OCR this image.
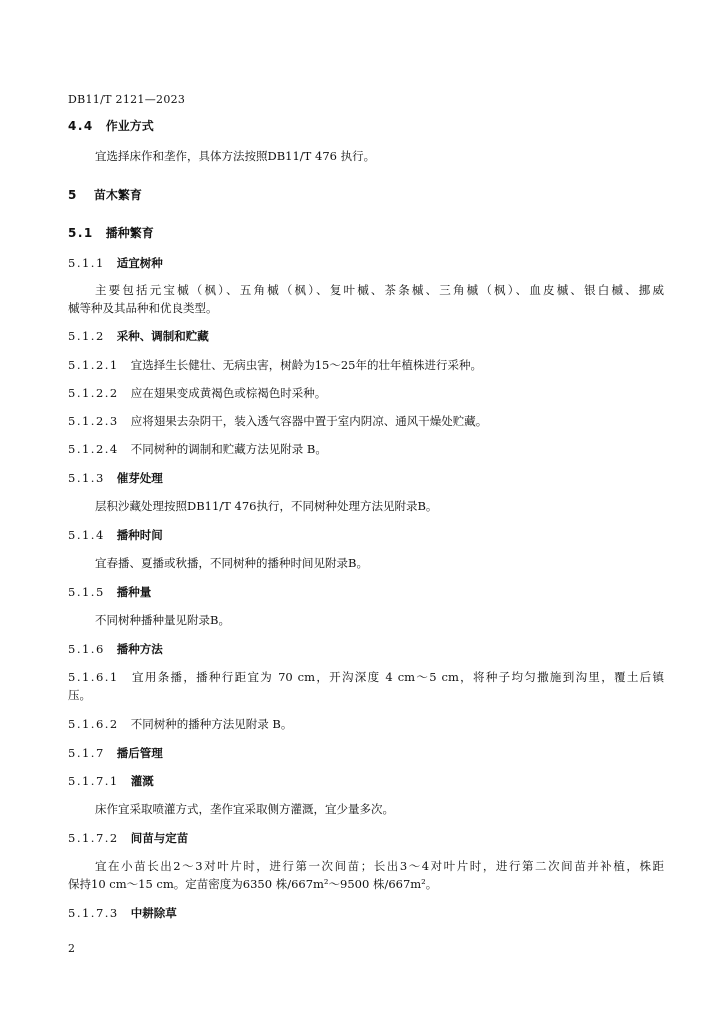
DB11/T 2121—2023
4.4 作业方式
宜选择床作和垄作，具体方法按照DB11/T 476 执行。
5 苗木繁育
5.1 播种繁育
5.1.1 适宜树种
主要包括元宝槭（枫）、五角槭（枫）、复叶槭、茶条槭、三角槭（枫）、血皮槭、银白槭、挪威
槭等种及其品种和优良类型。
5.1.2 采种、调制和贮藏
5.1.2.1 宜选择生长健壮、无病虫害，树龄为15～25年的壮年植株进行采种。
5.1.2.2 应在翅果变成黄褐色或棕褐色时采种。
5.1.2.3 应将翅果去杂阴干，装入透气容器中置于室内阴凉、通风干燥处贮藏。
5.1.2.4 不同树种的调制和贮藏方法见附录 B。
5.1.3 催芽处理
层积沙藏处理按照DB11/T 476执行，不同树种处理方法见附录B。
5.1.4 播种时间
宜春播、夏播或秋播，不同树种的播种时间见附录B。
5.1.5 播种量
不同树种播种量见附录B。
5.1.6 播种方法
5.1.6.1 宜用条播，播种行距宜为 70 cm，开沟深度 4 cm～5 cm，将种子均匀撒施到沟里，覆土后镇
压。
5.1.6.2 不同树种的播种方法见附录 B。
5.1.7 播后管理
5.1.7.1 灌溉
床作宜采取喷灌方式，垄作宜采取侧方灌溉，宜少量多次。
5.1.7.2 间苗与定苗
宜在小苗长出2～3对叶片时，进行第一次间苗；长出3～4对叶片时，进行第二次间苗并补植，株距
保持10 cm～15 cm。定苗密度为6350 株/667m²～9500 株/667m²。
5.1.7.3 中耕除草
2
